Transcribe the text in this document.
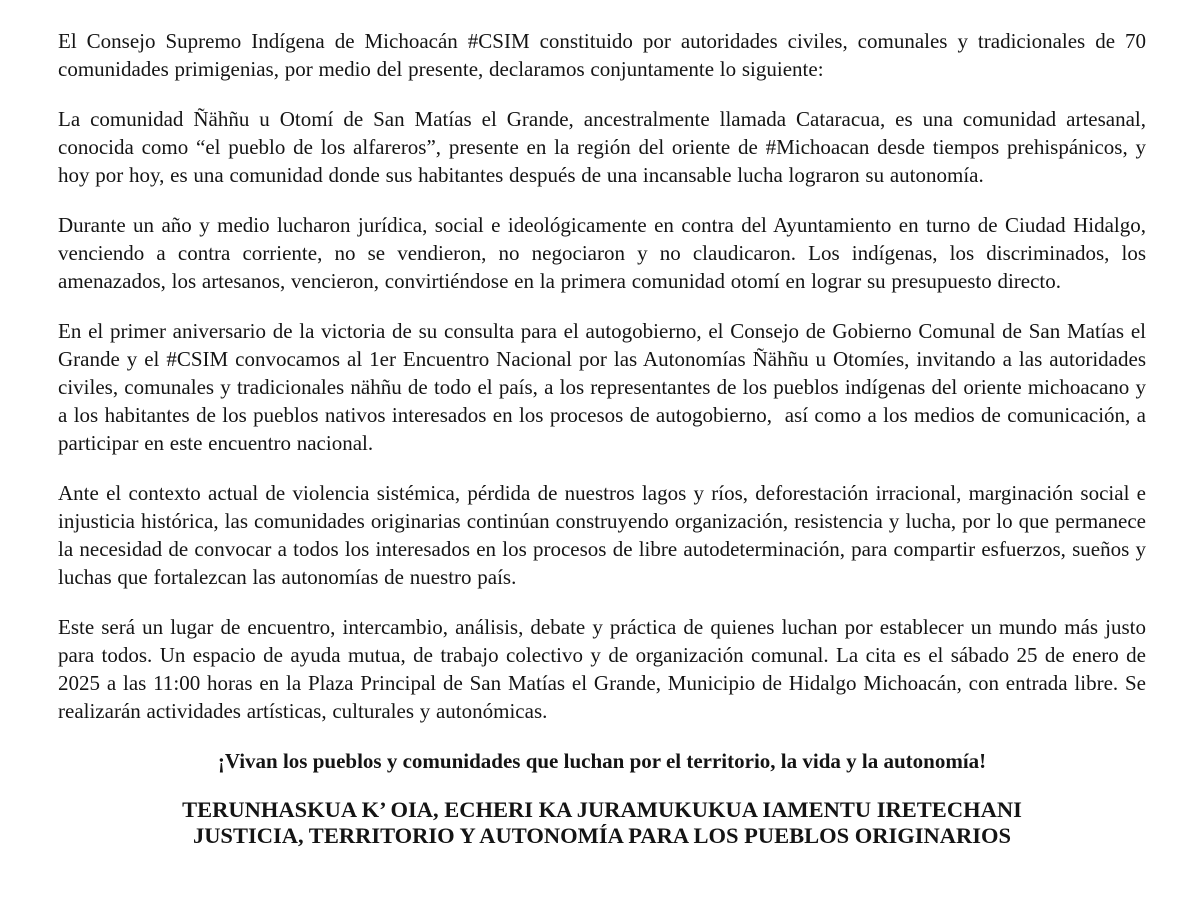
El Consejo Supremo Indígena de Michoacán #CSIM constituido por autoridades civiles, comunales y tradicionales de 70 comunidades primigenias, por medio del presente, declaramos conjuntamente lo siguiente:

La comunidad Ñähñu u Otomí de San Matías el Grande, ancestralmente llamada Cataracua, es una comunidad artesanal, conocida como “el pueblo de los alfareros”, presente en la región del oriente de #Michoacan desde tiempos prehispánicos, y hoy por hoy, es una comunidad donde sus habitantes después de una incansable lucha lograron su autonomía.

Durante un año y medio lucharon jurídica, social e ideológicamente en contra del Ayuntamiento en turno de Ciudad Hidalgo, venciendo a contra corriente, no se vendieron, no negociaron y no claudicaron. Los indígenas, los discriminados, los amenazados, los artesanos, vencieron, convirtiéndose en la primera comunidad otomí en lograr su presupuesto directo.

En el primer aniversario de la victoria de su consulta para el autogobierno, el Consejo de Gobierno Comunal de San Matías el Grande y el #CSIM convocamos al 1er Encuentro Nacional por las Autonomías Ñähñu u Otomíes, invitando a las autoridades civiles, comunales y tradicionales nähñu de todo el país, a los representantes de los pueblos indígenas del oriente michoacano y a los habitantes de los pueblos nativos interesados en los procesos de autogobierno,  así como a los medios de comunicación, a participar en este encuentro nacional.

Ante el contexto actual de violencia sistémica, pérdida de nuestros lagos y ríos, deforestación irracional, marginación social e injusticia histórica, las comunidades originarias continúan construyendo organización, resistencia y lucha, por lo que permanece la necesidad de convocar a todos los interesados en los procesos de libre autodeterminación, para compartir esfuerzos, sueños y luchas que fortalezcan las autonomías de nuestro país.

Este será un lugar de encuentro, intercambio, análisis, debate y práctica de quienes luchan por establecer un mundo más justo para todos. Un espacio de ayuda mutua, de trabajo colectivo y de organización comunal. La cita es el sábado 25 de enero de 2025 a las 11:00 horas en la Plaza Principal de San Matías el Grande, Municipio de Hidalgo Michoacán, con entrada libre. Se realizarán actividades artísticas, culturales y autonómicas.

¡Vivan los pueblos y comunidades que luchan por el territorio, la vida y la autonomía!

TERUNHASKUA K’ OIA, ECHERI KA JURAMUKUKUA IAMENTU IRETECHANI
JUSTICIA, TERRITORIO Y AUTONOMÍA PARA LOS PUEBLOS ORIGINARIOS
